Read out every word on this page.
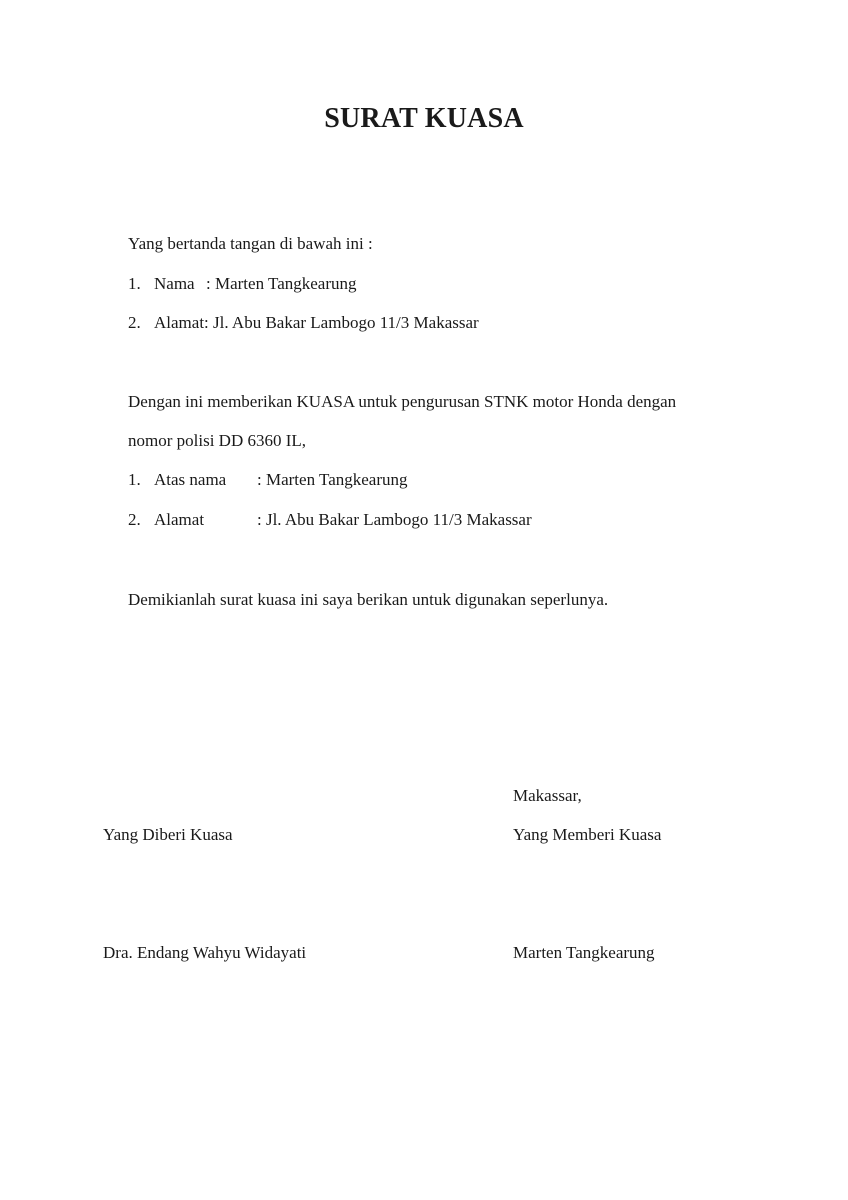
SURAT KUASA
Yang bertanda tangan di bawah ini :
1. Nama : Marten Tangkearung
2. Alamat: Jl. Abu Bakar Lambogo 11/3 Makassar
Dengan ini memberikan KUASA untuk pengurusan STNK motor Honda dengan
nomor polisi DD 6360 IL,
1. Atas nama : Marten Tangkearung
2. Alamat	: Jl. Abu Bakar Lambogo 11/3 Makassar
Demikianlah surat kuasa ini saya berikan untuk digunakan seperlunya.
Makassar,
Yang Diberi Kuasa	Yang Memberi Kuasa
Dra. Endang Wahyu Widayati	Marten Tangkearung
